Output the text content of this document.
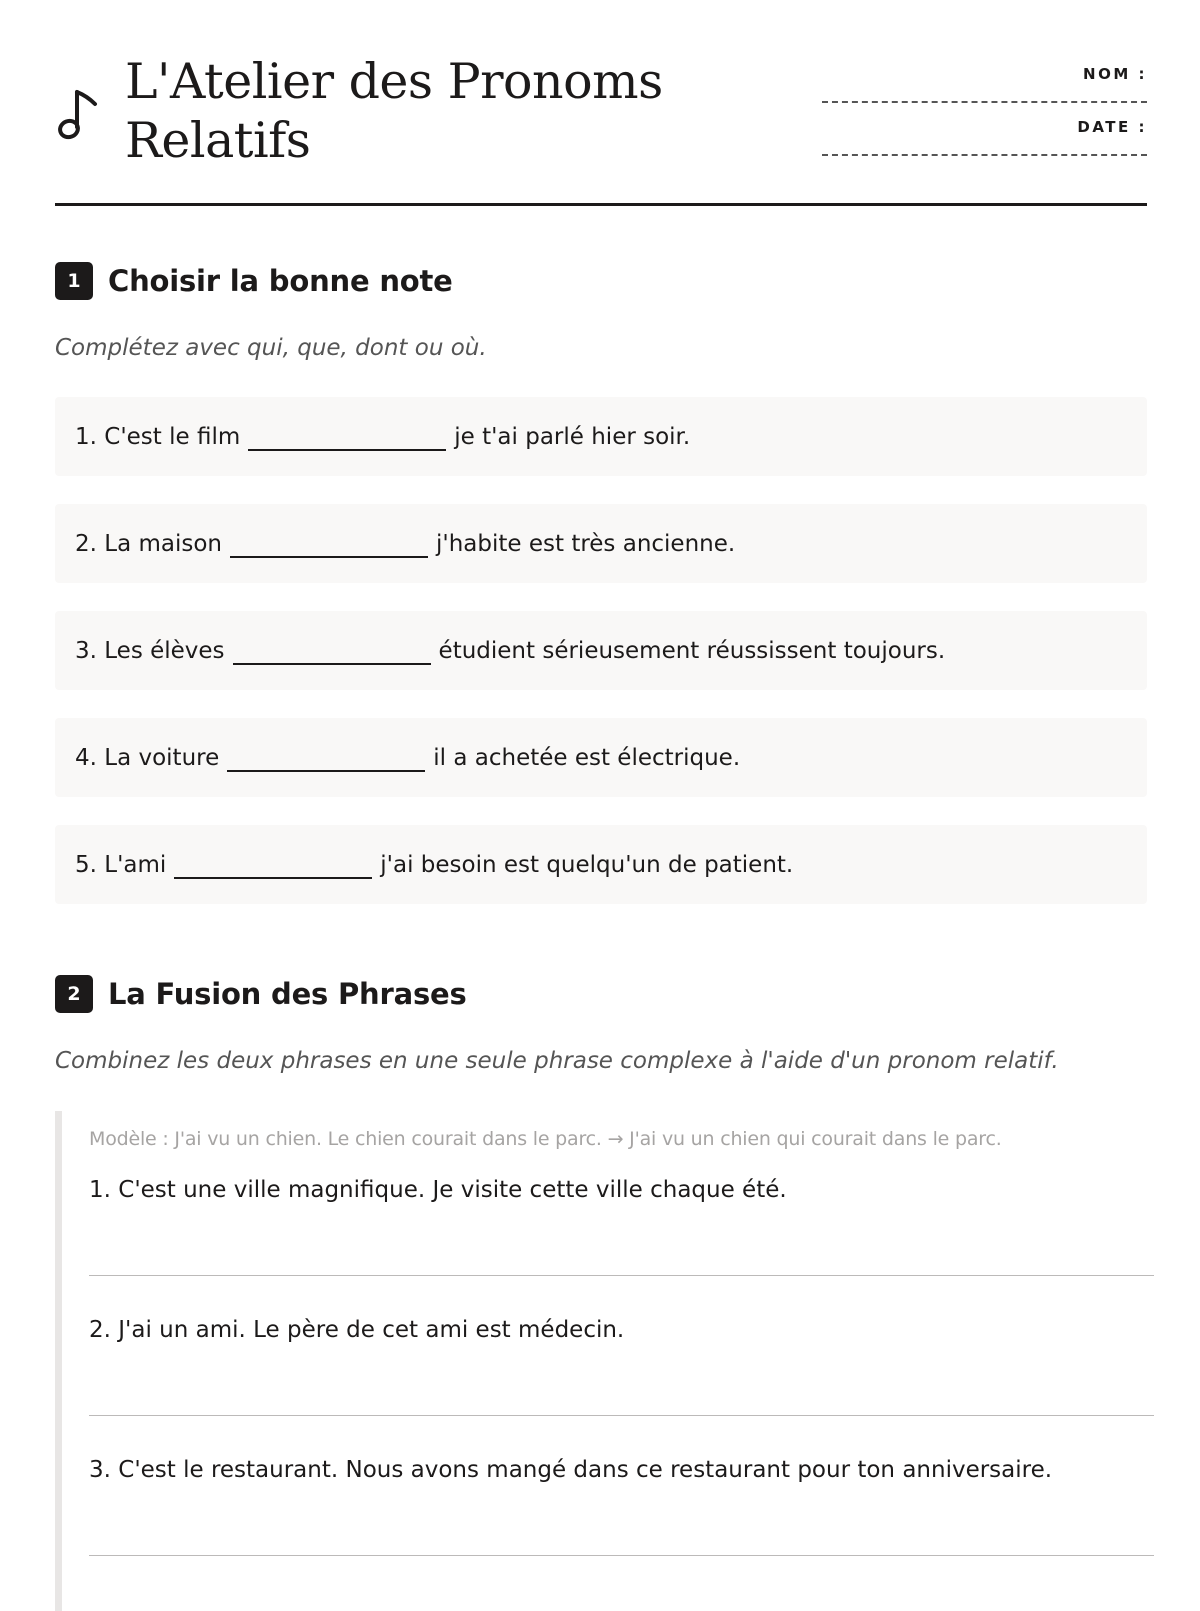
L'Atelier des Pronoms
Relatifs
NOM :
DATE :
1 Choisir la bonne note
Complétez avec qui, que, dont ou où.
1. C'est le film	je t'ai parlé hier soir.
2. La maison	j'habite est très ancienne.
3. Les élèves	étudient sérieusement réussissent toujours.
4. La voiture	il a achetée est électrique.
5. L'ami	j'ai besoin est quelqu'un de patient.
2 La Fusion des Phrases
Combinez les deux phrases en une seule phrase complexe à l'aide d'un pronom relatif.
Modèle : J'ai vu un chien. Le chien courait dans le parc. → J'ai vu un chien qui courait dans le parc.
1. C'est une ville magnifique. Je visite cette ville chaque été.
2. J'ai un ami. Le père de cet ami est médecin.
3. C'est le restaurant. Nous avons mangé dans ce restaurant pour ton anniversaire.
